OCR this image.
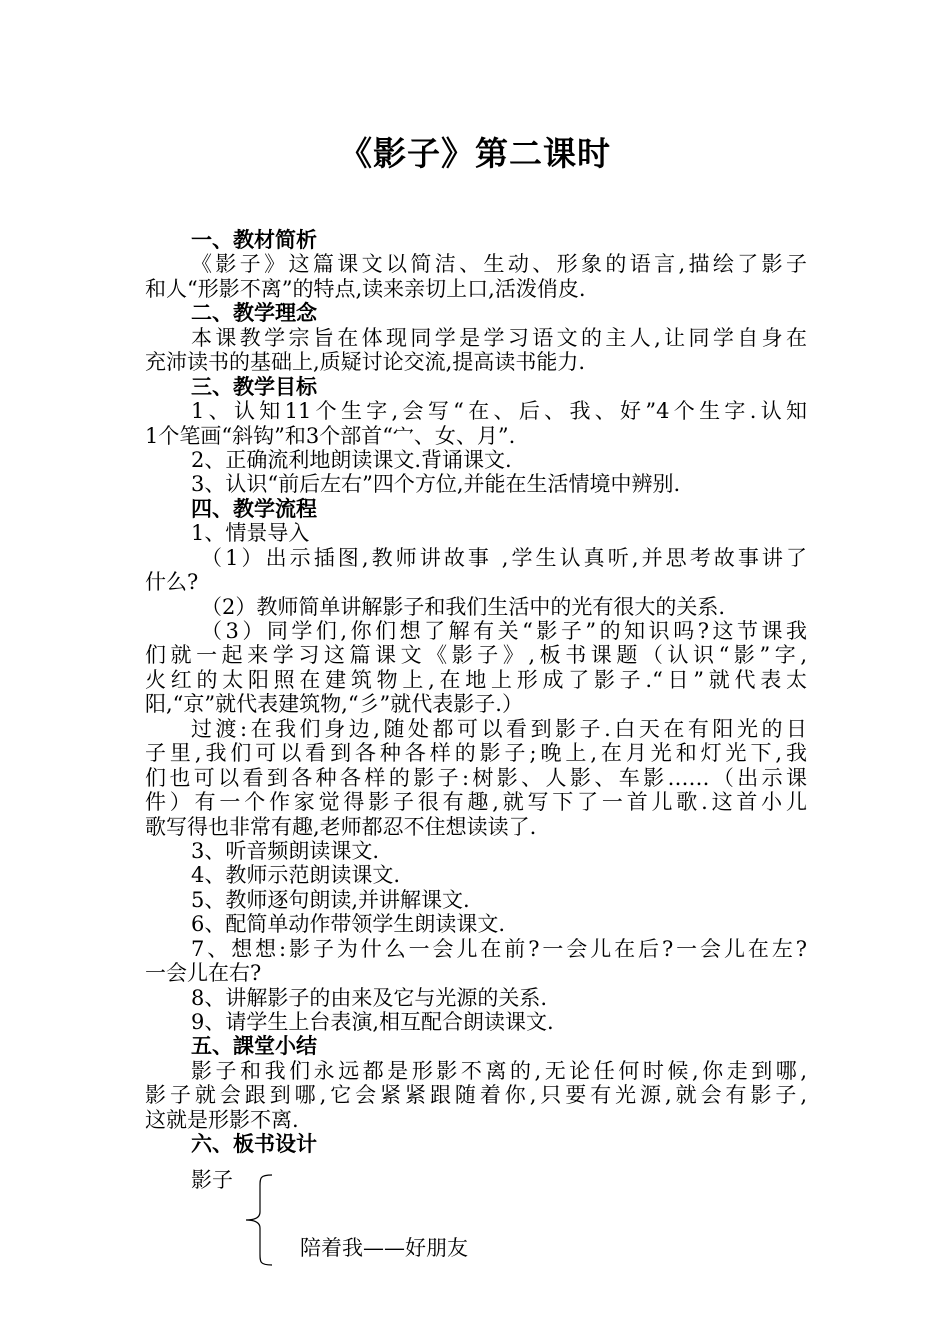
《影子》第二课时
一、教材简析
《影子》这篇课文以简洁、生动、形象的语言,描绘了影子
和人“形影不离”的特点,读来亲切上口,活泼俏皮.
二、教学理念
本课教学宗旨在体现同学是学习语文的主人,让同学自身在
充沛读书的基础上,质疑讨论交流,提高读书能力.
三、教学目标
1、认知11个生字,会写“在、后、我、好”4个生字.认知
1个笔画“斜钩”和3个部首“宀、女、月”.
2、正确流利地朗读课文.背诵课文.
3、认识“前后左右”四个方位,并能在生活情境中辨别.
四、教学流程
1、情景导入
（1）出示插图,教师讲故事 ,学生认真听,并思考故事讲了
什么?
（2）教师简单讲解影子和我们生活中的光有很大的关系.
（3）同学们,你们想了解有关“影子”的知识吗?这节课我
们就一起来学习这篇课文《影子》,板书课题（认识“影”字,
火红的太阳照在建筑物上,在地上形成了影子.“日”就代表太
阳,“京”就代表建筑物,“彡”就代表影子.）
过渡:在我们身边,随处都可以看到影子.白天在有阳光的日
子里,我们可以看到各种各样的影子;晚上,在月光和灯光下,我
们也可以看到各种各样的影子:树影、人影、车影……（出示课
件）有一个作家觉得影子很有趣,就写下了一首儿歌.这首小儿
歌写得也非常有趣,老师都忍不住想读读了.
3、听音频朗读课文.
4、教师示范朗读课文.
5、教师逐句朗读,并讲解课文.
6、配简单动作带领学生朗读课文.
7、想想:影子为什么一会儿在前?一会儿在后?一会儿在左?
一会儿在右?
8、讲解影子的由来及它与光源的关系.
9、请学生上台表演,相互配合朗读课文.
五、課堂小结
影子和我们永远都是形影不离的,无论任何时候,你走到哪,
影子就会跟到哪,它会紧紧跟随着你,只要有光源,就会有影子,
这就是形影不离.
六、板书设计
影子
陪着我——好朋友
